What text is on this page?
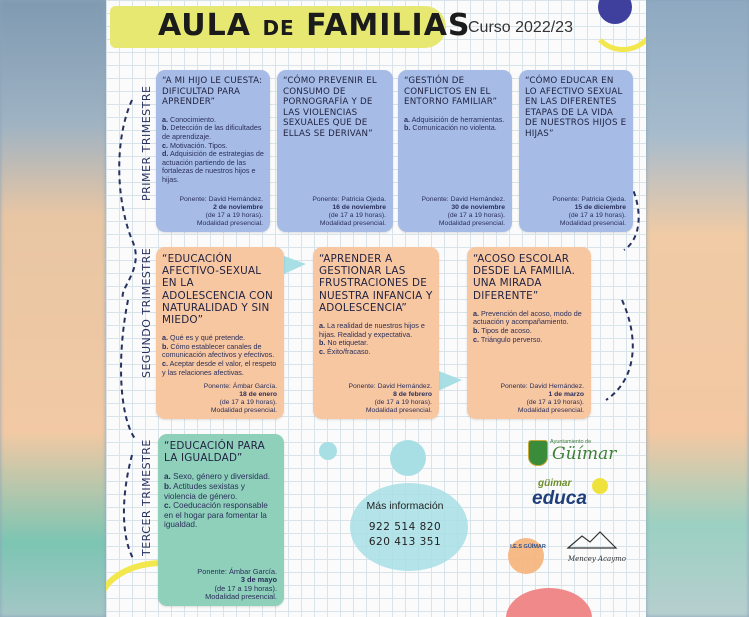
AULA DE FAMILIAS
Curso 2022/23
PRIMER TRIMESTRE
SEGUNDO TRIMESTRE
TERCER TRIMESTRE
“A MI HIJO LE CUESTA: DIFICULTAD PARA APRENDER”
a. Conocimiento.
b. Detección de las dificultades de aprendizaje.
c. Motivación. Tipos.
d. Adquisición de estrategias de actuación partiendo de las fortalezas de nuestros hijos e hijas.
Ponente: David Hernández.
2 de noviembre
(de 17 a 19 horas).
Modalidad presencial.
“CÓMO PREVENIR EL CONSUMO DE PORNOGRAFÍA Y DE LAS VIOLENCIAS SEXUALES QUE DE ELLAS SE DERIVAN”
Ponente: Patricia Ojeda.
16 de noviembre
(de 17 a 19 horas).
Modalidad presencial.
“GESTIÓN DE CONFLICTOS EN EL ENTORNO FAMILIAR”
a. Adquisición de herramientas.
b. Comunicación no violenta.
Ponente: David Hernández.
30 de noviembre
(de 17 a 19 horas).
Modalidad presencial.
“CÓMO EDUCAR EN LO AFECTIVO SEXUAL EN LAS DIFERENTES ETAPAS DE LA VIDA DE NUESTROS HIJOS E HIJAS”
Ponente: Patricia Ojeda.
15 de diciembre
(de 17 a 19 horas).
Modalidad presencial.
“EDUCACIÓN AFECTIVO-SEXUAL EN LA ADOLESCENCIA CON NATURALIDAD Y SIN MIEDO”
a. Qué es y qué pretende.
b. Cómo establecer canales de comunicación afectivos y efectivos.
c. Aceptar desde el valor, el respeto y las relaciones afectivas.
Ponente: Ámbar García.
18 de enero
(de 17 a 19 horas).
Modalidad presencial.
“APRENDER A GESTIONAR LAS FRUSTRACIONES DE NUESTRA INFANCIA Y ADOLESCENCIA”
a. La realidad de nuestros hijos e hijas. Realidad y expectativa.
b. No etiquetar.
c. Éxito/fracaso.
Ponente: David Hernández.
8 de febrero
(de 17 a 19 horas).
Modalidad presencial.
“ACOSO ESCOLAR DESDE LA FAMILIA. UNA MIRADA DIFERENTE”
a. Prevención del acoso, modo de actuación y acompañamiento.
b. Tipos de acoso.
c. Triángulo perverso.
Ponente: David Hernández.
1 de marzo
(de 17 a 19 horas).
Modalidad presencial.
“EDUCACIÓN PARA LA IGUALDAD”
a. Sexo, género y diversidad.
b. Actitudes sexistas y violencia de género.
c. Coeducación responsable en el hogar para fomentar la igualdad.
Ponente: Ámbar García.
3 de mayo
(de 17 a 19 horas).
Modalidad presencial.
Más información
922 514 820
620 413 351
Ayuntamiento de
Güímar
güimar
educa
I.E.S GÜÍMAR
Mencey Acaymo
